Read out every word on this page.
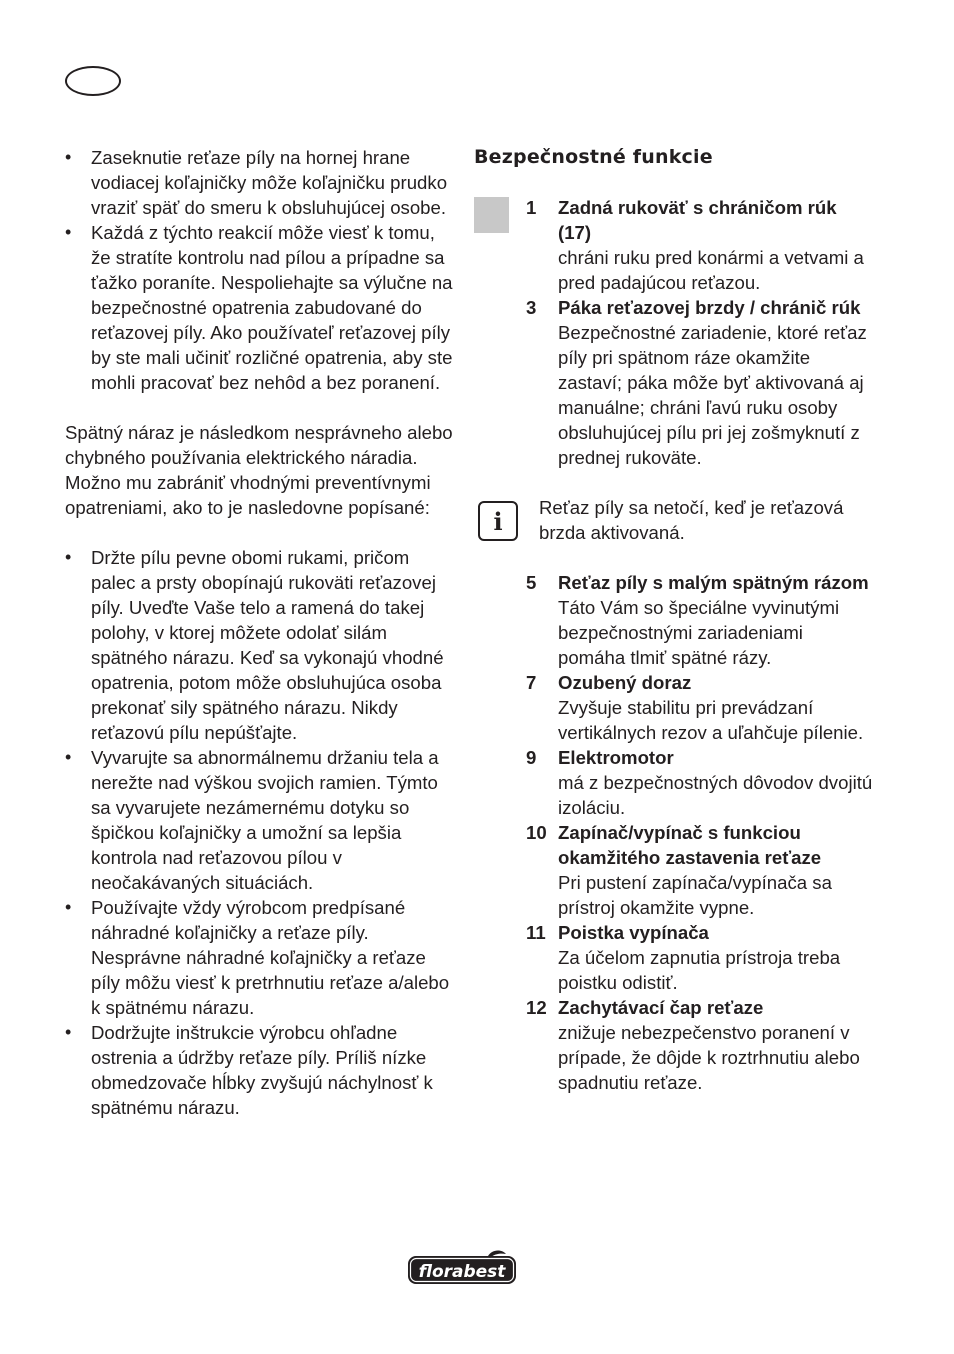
• Zaseknutie reťaze píly na hornej hrane vodiacej koľajničky môže koľajničku prudko vraziť späť do smeru k obsluhujúcej osobe.
• Každá z týchto reakcií môže viesť k tomu, že stratíte kontrolu nad pílou a prípadne sa ťažko poraníte. Nespoliehajte sa výlučne na bezpečnostné opatrenia zabudované do reťazovej píly. Ako používateľ reťazovej píly by ste mali učiniť rozličné opatrenia, aby ste mohli pracovať bez nehôd a bez poranení.

Spätný náraz je následkom nesprávneho alebo chybného používania elektrického náradia. Možno mu zabrániť vhodnými preventívnymi opatreniami, ako to je nasledovne popísané:

• Držte pílu pevne obomi rukami, pričom palec a prsty obopínajú rukoväti reťazovej píly. Uveďte Vaše telo a ramená do takej polohy, v ktorej môžete odolať silám spätného nárazu. Keď sa vykonajú vhodné opatrenia, potom môže obsluhujúca osoba prekonať sily spätného nárazu. Nikdy reťazovú pílu nepúšťajte.
• Vyvarujte sa abnormálnemu držaniu tela a nerežte nad výškou svojich ramien. Týmto sa vyvarujete nezámernému dotyku so špičkou koľajničky a umožní sa lepšia kontrola nad reťazovou pílou v neočakávaných situáciách.
• Používajte vždy výrobcom predpísané náhradné koľajničky a reťaze píly. Nesprávne náhradné koľajničky a reťaze píly môžu viesť k pretrhnutiu reťaze a/alebo k spätnému nárazu.
• Dodržujte inštrukcie výrobcu ohľadne ostrenia a údržby reťaze píly. Príliš nízke obmedzovače hĺbky zvyšujú náchylnosť k spätnému nárazu.
Bezpečnostné funkcie
1	Zadná rukoväť s chráničom rúk (17)
chráni ruku pred konármi a vetvami a pred padajúcou reťazou.
3	Páka reťazovej brzdy / chránič rúk
Bezpečnostné zariadenie, ktoré reťaz píly pri spätnom ráze okamžite zastaví; páka môže byť aktivovaná aj manuálne; chráni ľavú ruku osoby obsluhujúcej pílu pri jej zošmyknutí z prednej rukoväte.
i	Reťaz píly sa netočí, keď je reťazová brzda aktivovaná.

5	Reťaz píly s malým spätným rázom
Táto Vám so špeciálne vyvinutými bezpečnostnými zariadeniami pomáha tlmiť spätné rázy.
7	Ozubený doraz
Zvyšuje stabilitu pri prevádzaní vertikálnych rezov a uľahčuje pílenie.
9	Elektromotor
má z bezpečnostných dôvodov dvojitú izoláciu.
10 Zapínač/vypínač s funkciou okamžitého zastavenia reťaze
Pri pustení zapínača/vypínača sa prístroj okamžite vypne.
11 Poistka vypínača
Za účelom zapnutia prístroja treba poistku odistiť.
12 Zachytávací čap reťaze
znižuje nebezpečenstvo poranení v prípade, že dôjde k roztrhnutiu alebo spadnutiu reťaze.
florabest
